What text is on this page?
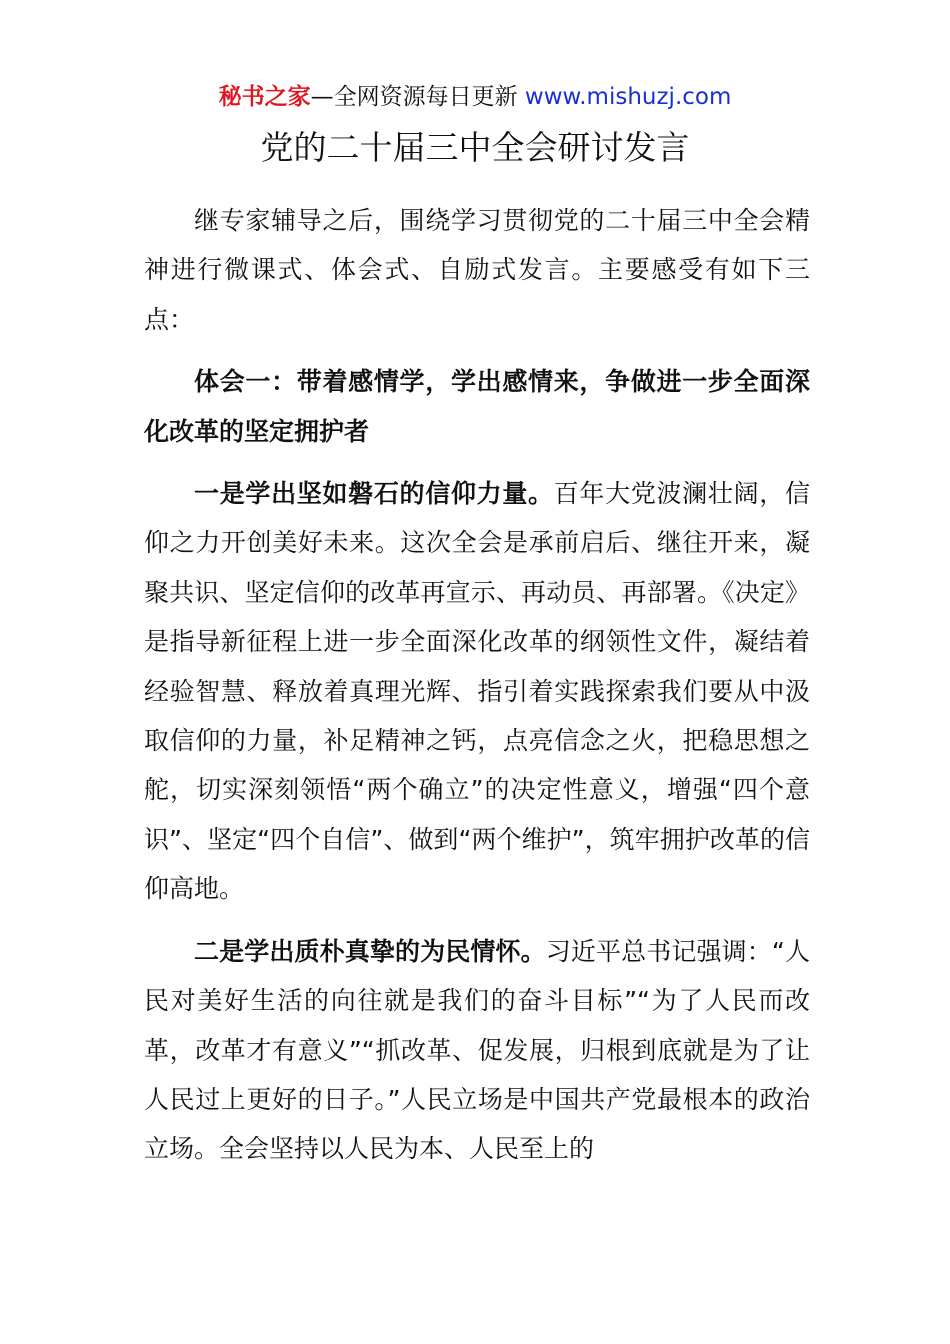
秘书之家—全网资源每日更新 www.mishuzj.com
党的二十届三中全会研讨发言

继专家辅导之后，围绕学习贯彻党的二十届三中全会精神进行微课式、体会式、自励式发言。主要感受有如下三点：

体会一：带着感情学，学出感情来，争做进一步全面深化改革的坚定拥护者

一是学出坚如磐石的信仰力量。百年大党波澜壮阔，信仰之力开创美好未来。这次全会是承前启后、继往开来，凝聚共识、坚定信仰的改革再宣示、再动员、再部署。《决定》是指导新征程上进一步全面深化改革的纲领性文件，凝结着经验智慧、释放着真理光辉、指引着实践探索我们要从中汲取信仰的力量，补足精神之钙，点亮信念之火，把稳思想之舵，切实深刻领悟“两个确立”的决定性意义，增强“四个意识”、坚定“四个自信”、做到“两个维护”，筑牢拥护改革的信仰高地。

二是学出质朴真挚的为民情怀。习近平总书记强调：“人民对美好生活的向往就是我们的奋斗目标”“为了人民而改革，改革才有意义”“抓改革、促发展，归根到底就是为了让人民过上更好的日子。”人民立场是中国共产党最根本的政治立场。全会坚持以人民为本、人民至上的
